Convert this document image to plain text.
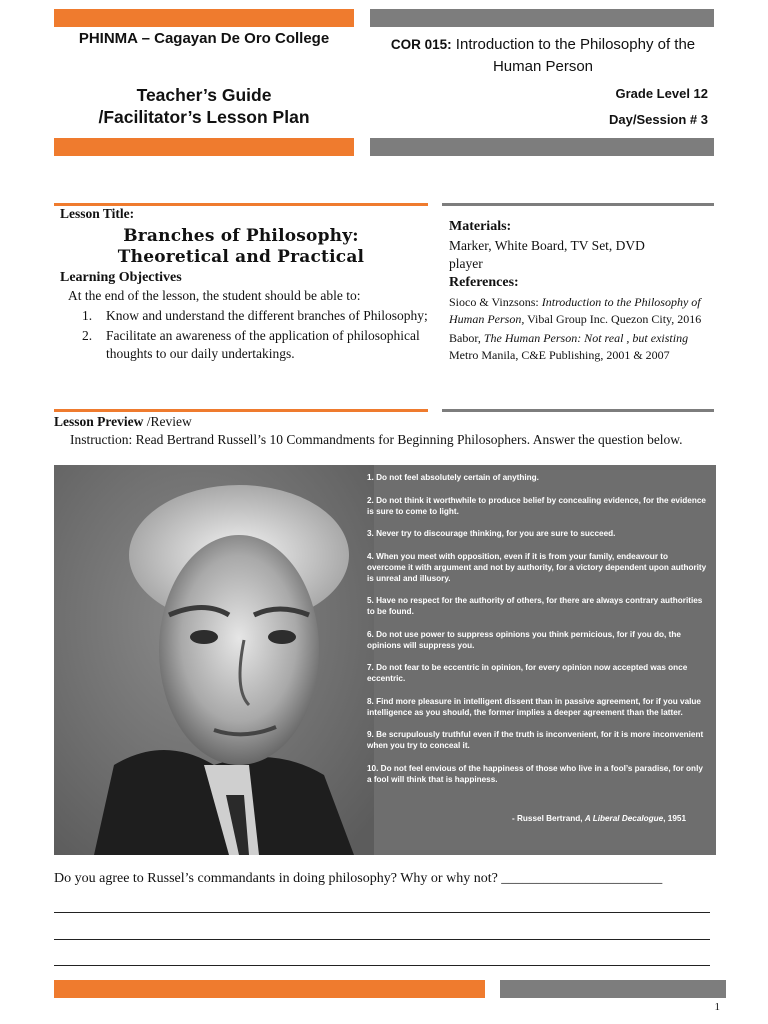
PHINMA – Cagayan De Oro College
Teacher’s Guide
/Facilitator’s Lesson Plan
COR 015: Introduction to the Philosophy of the Human Person
Grade Level 12
Day/Session # 3
Lesson Title:
Branches of Philosophy:
Theoretical and Practical
Learning Objectives
At the end of the lesson, the student should be able to:
1. Know and understand the different branches of Philosophy;
2. Facilitate an awareness of the application of philosophical thoughts to our daily undertakings.
Materials:
Marker, White Board, TV Set, DVD player
References:
Sioco & Vinzsons: Introduction to the Philosophy of Human Person, Vibal Group Inc. Quezon City, 2016
Babor, The Human Person: Not real , but existing
Metro Manila, C&E Publishing, 2001 & 2007
Lesson Preview /Review
Instruction: Read Bertrand Russell’s 10 Commandments for Beginning Philosophers. Answer the question below.
1. Do not feel absolutely certain of anything.
2. Do not think it worthwhile to produce belief by concealing evidence, for the evidence is sure to come to light.
3. Never try to discourage thinking, for you are sure to succeed.
4. When you meet with opposition, even if it is from your family, endeavour to overcome it with argument and not by authority, for a victory dependent upon authority is unreal and illusory.
5. Have no respect for the authority of others, for there are always contrary authorities to be found.
6. Do not use power to suppress opinions you think pernicious, for if you do, the opinions will suppress you.
7. Do not fear to be eccentric in opinion, for every opinion now accepted was once eccentric.
8. Find more pleasure in intelligent dissent than in passive agreement, for if you value intelligence as you should, the former implies a deeper agreement than the latter.
9. Be scrupulously truthful even if the truth is inconvenient, for it is more inconvenient when you try to conceal it.
10. Do not feel envious of the happiness of those who live in a fool’s paradise, for only a fool will think that is happiness.
- Russel Bertrand, A Liberal Decalogue, 1951
Do you agree to Russel’s commandants in doing philosophy? Why or why not? _______________________
1
